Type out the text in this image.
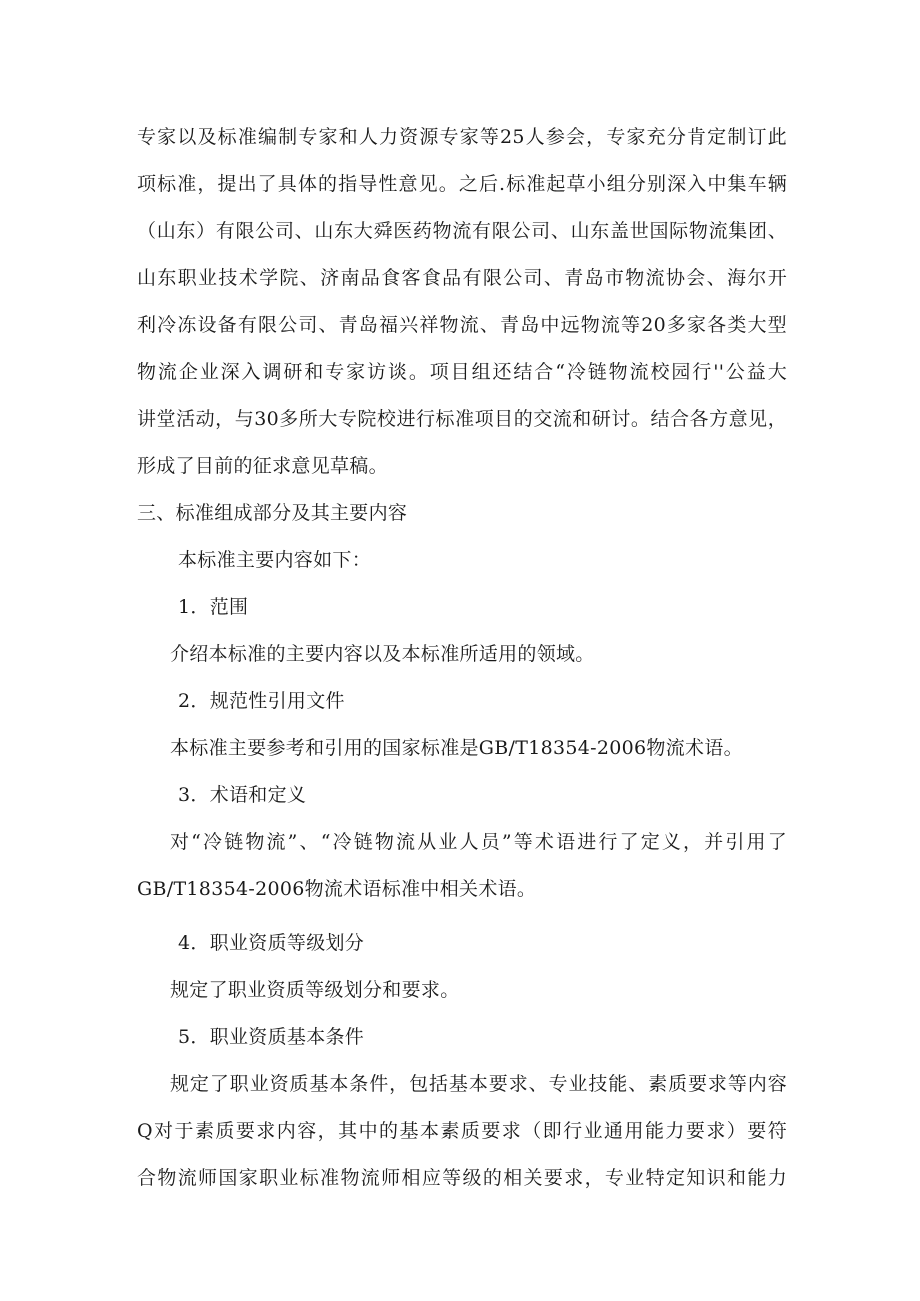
专家以及标准编制专家和人力资源专家等25人参会，专家充分肯定制订此
项标准，提出了具体的指导性意见。之后.标准起草小组分别深入中集车辆
（山东）有限公司、山东大舜医药物流有限公司、山东盖世国际物流集团、
山东职业技术学院、济南品食客食品有限公司、青岛市物流协会、海尔开
利冷冻设备有限公司、青岛福兴祥物流、青岛中远物流等20多家各类大型
物流企业深入调研和专家访谈。项目组还结合“冷链物流校园行''公益大
讲堂活动，与30多所大专院校进行标准项目的交流和研讨。结合各方意见，
形成了目前的征求意见草稿。
三、标准组成部分及其主要内容
本标准主要内容如下：
1．范围
介绍本标准的主要内容以及本标准所适用的领域。
2．规范性引用文件
本标准主要参考和引用的国家标准是GB/T18354-2006物流术语。
3．术语和定义
对“冷链物流”、“冷链物流从业人员”等术语进行了定义，并引用了
GB/T18354-2006物流术语标准中相关术语。
4．职业资质等级划分
规定了职业资质等级划分和要求。
5．职业资质基本条件
规定了职业资质基本条件，包括基本要求、专业技能、素质要求等内容
Q对于素质要求内容，其中的基本素质要求（即行业通用能力要求）要符
合物流师国家职业标准物流师相应等级的相关要求，专业特定知识和能力
